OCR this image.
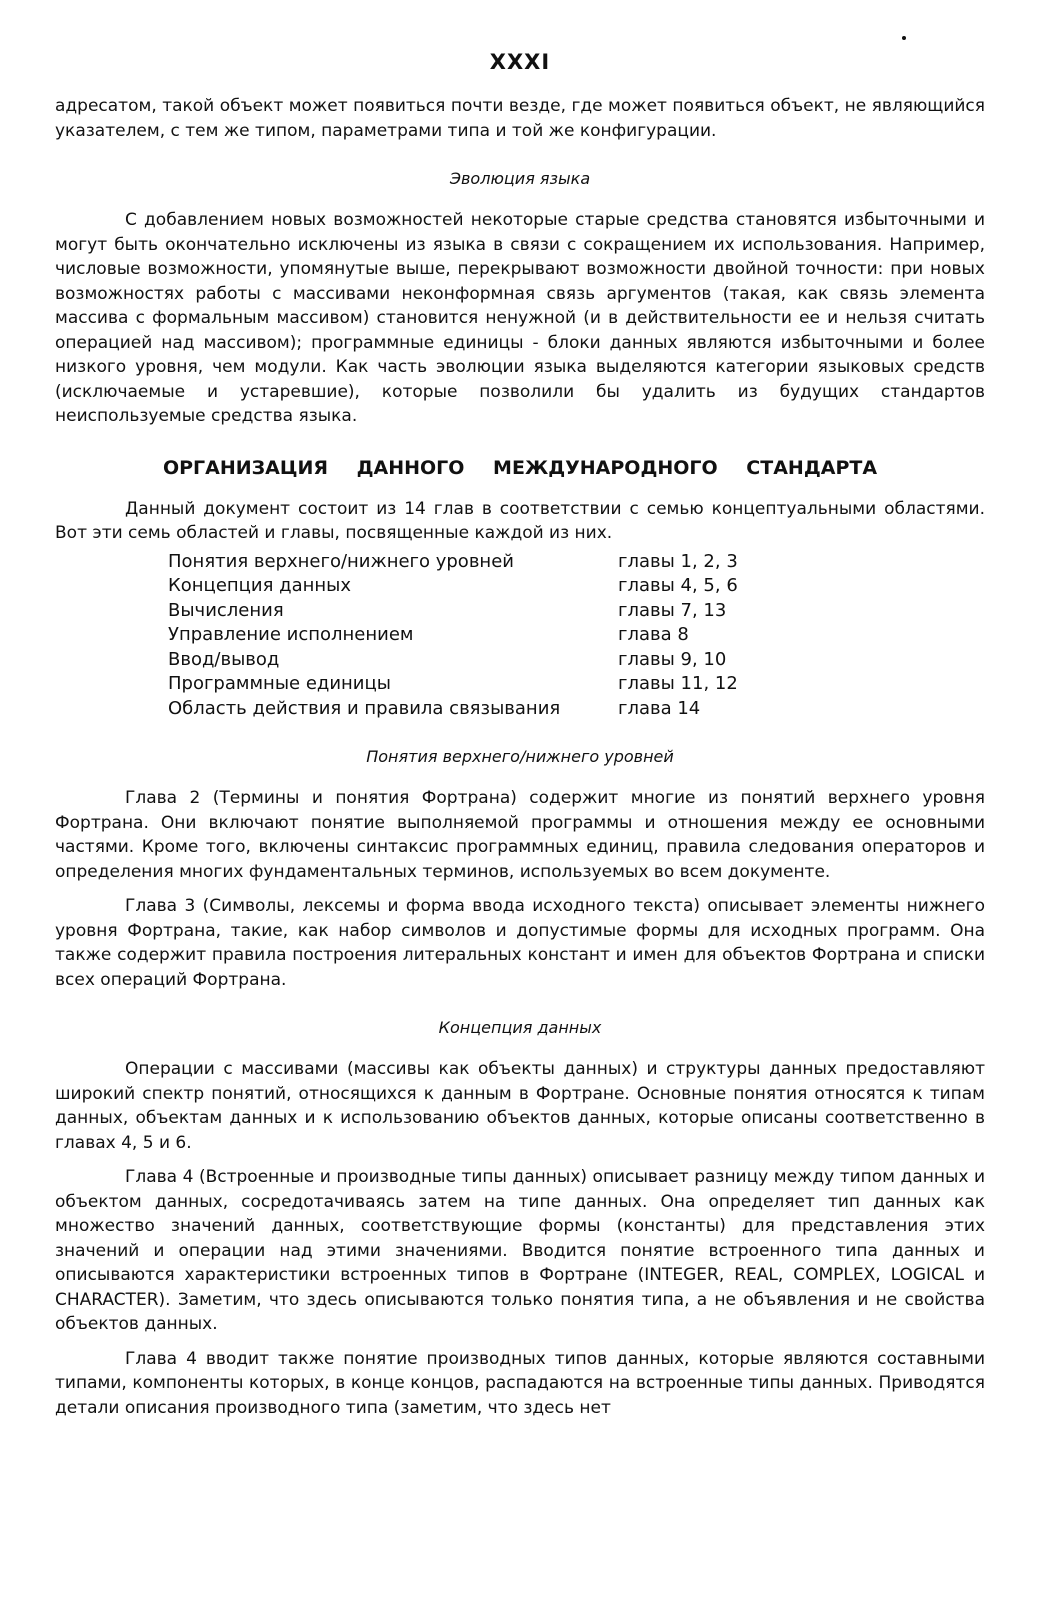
XXXI

адресатом, такой объект может появиться почти везде, где может появиться объект, не являющийся указателем, с тем же типом, параметрами типа и той же конфигурации.

Эволюция языка

С добавлением новых возможностей некоторые старые средства становятся избыточными и могут быть окончательно исключены из языка в связи с сокращением их использования. Например, числовые возможности, упомянутые выше, перекрывают возможности двойной точности: при новых возможностях работы с массивами неконформная связь аргументов (такая, как связь элемента массива с формальным массивом) становится ненужной (и в действительности ее и нельзя считать операцией над массивом); программные единицы - блоки данных являются избыточными и более низкого уровня, чем модули. Как часть эволюции языка выделяются категории языковых средств (исключаемые и устаревшие), которые позволили бы удалить из будущих стандартов неиспользуемые средства языка.

ОРГАНИЗАЦИЯ ДАННОГО МЕЖДУНАРОДНОГО СТАНДАРТА

Данный документ состоит из 14 глав в соответствии с семью концептуальными областями. Вот эти семь областей и главы, посвященные каждой из них.

Понятия верхнего/нижнего уровней	главы 1, 2, 3
Концепция данных	главы 4, 5, 6
Вычисления	главы 7, 13
Управление исполнением	глава 8
Ввод/вывод	главы 9, 10
Программные единицы	главы 11, 12
Область действия и правила связывания	глава 14
Понятия верхнего/нижнего уровней

Глава 2 (Термины и понятия Фортрана) содержит многие из понятий верхнего уровня Фортрана. Они включают понятие выполняемой программы и отношения между ее основными частями. Кроме того, включены синтаксис программных единиц, правила следования операторов и определения многих фундаментальных терминов, используемых во всем документе.

Глава 3 (Символы, лексемы и форма ввода исходного текста) описывает элементы нижнего уровня Фортрана, такие, как набор символов и допустимые формы для исходных программ. Она также содержит правила построения литеральных констант и имен для объектов Фортрана и списки всех операций Фортрана.

Концепция данных

Операции с массивами (массивы как объекты данных) и структуры данных предоставляют широкий спектр понятий, относящихся к данным в Фортране. Основные понятия относятся к типам данных, объектам данных и к использованию объектов данных, которые описаны соответственно в главах 4, 5 и 6.

Глава 4 (Встроенные и производные типы данных) описывает разницу между типом данных и объектом данных, сосредотачиваясь затем на типе данных. Она определяет тип данных как множество значений данных, соответствующие формы (константы) для представления этих значений и операции над этими значениями. Вводится понятие встроенного типа данных и описываются характеристики встроенных типов в Фортране (INTEGER, REAL, COMPLEX, LOGICAL и CHARACTER). Заметим, что здесь описываются только понятия типа, а не объявления и не свойства объектов данных.

Глава 4 вводит также понятие производных типов данных, которые являются составными типами, компоненты которых, в конце концов, распадаются на встроенные типы данных. Приводятся детали описания производного типа (заметим, что здесь нет
